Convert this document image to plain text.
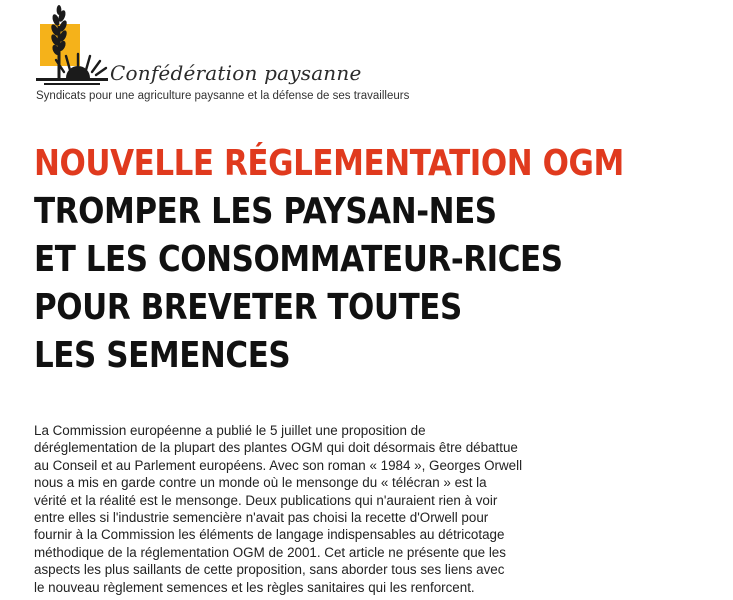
Confédération paysanne
Syndicats pour une agriculture paysanne et la défense de ses travailleurs
NOUVELLE RÉGLEMENTATION OGM
TROMPER LES PAYSAN-NES
ET LES CONSOMMATEUR-RICES
POUR BREVETER TOUTES
LES SEMENCES
La Commission européenne a publié le 5 juillet une proposition de
déréglementation de la plupart des plantes OGM qui doit désormais être débattue
au Conseil et au Parlement européens. Avec son roman « 1984 », Georges Orwell
nous a mis en garde contre un monde où le mensonge du « télécran » est la
vérité et la réalité est le mensonge. Deux publications qui n'auraient rien à voir
entre elles si l'industrie semencière n'avait pas choisi la recette d'Orwell pour
fournir à la Commission les éléments de langage indispensables au détricotage
méthodique de la réglementation OGM de 2001. Cet article ne présente que les
aspects les plus saillants de cette proposition, sans aborder tous ses liens avec
le nouveau règlement semences et les règles sanitaires qui les renforcent.
